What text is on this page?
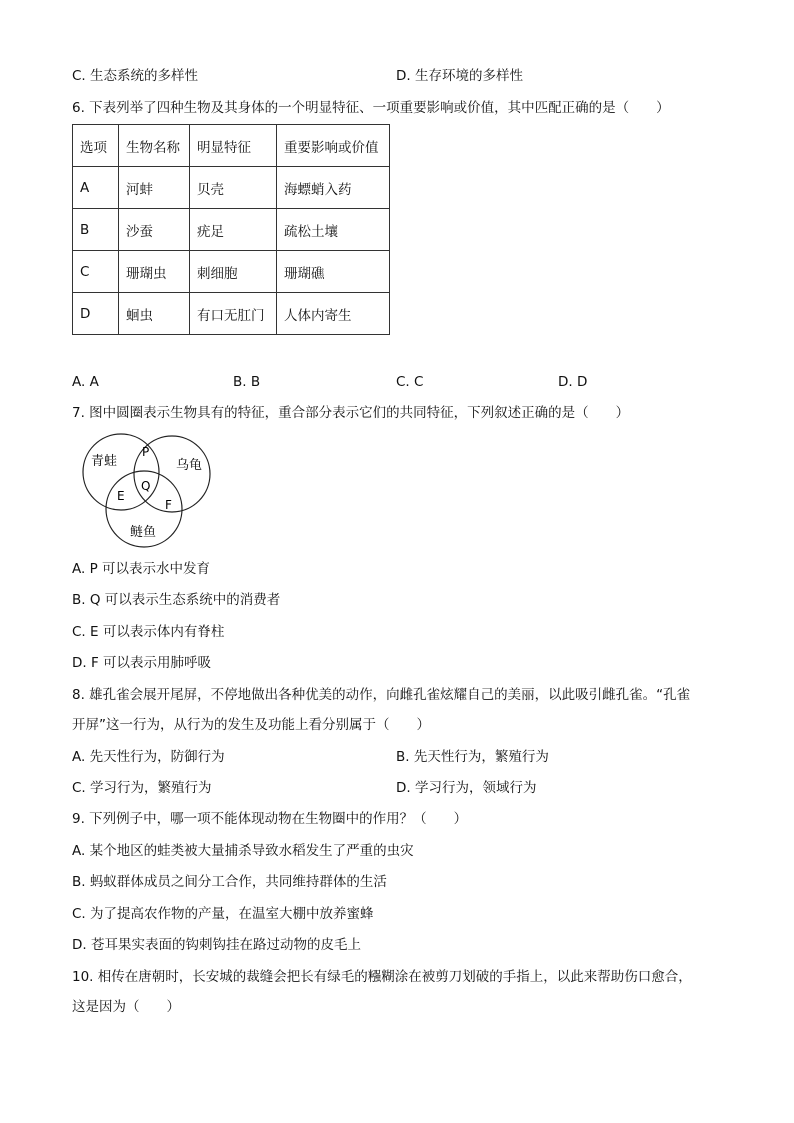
C. 生态系统的多样性	D. 生存环境的多样性
6. 下表列举了四种生物及其身体的一个明显特征、一项重要影响或价值，其中匹配正确的是（　　）
选项	生物名称	明显特征	重要影响或价值
A	河蚌	贝壳	海螵蛸入药
B	沙蚕	疣足	疏松土壤
C	珊瑚虫	刺细胞	珊瑚礁
D	蛔虫	有口无肛门	人体内寄生
A. A	B. B	C. C	D. D
7. 图中圆圈表示生物具有的特征，重合部分表示它们的共同特征，下列叙述正确的是（　　）
青蛙	乌龟
鲢鱼
P
Q
E
F
A. P 可以表示水中发育
B. Q 可以表示生态系统中的消费者
C. E 可以表示体内有脊柱
D. F 可以表示用肺呼吸
8. 雄孔雀会展开尾屏，不停地做出各种优美的动作，向雌孔雀炫耀自己的美丽，以此吸引雌孔雀。“孔雀
开屏”这一行为，从行为的发生及功能上看分别属于（　　）
A. 先天性行为，防御行为	B. 先天性行为，繁殖行为
C. 学习行为，繁殖行为	D. 学习行为，领域行为
9. 下列例子中，哪一项不能体现动物在生物圈中的作用？（　　）
A. 某个地区的蛙类被大量捕杀导致水稻发生了严重的虫灾
B. 蚂蚁群体成员之间分工合作，共同维持群体的生活
C. 为了提高农作物的产量，在温室大棚中放养蜜蜂
D. 苍耳果实表面的钩刺钩挂在路过动物的皮毛上
10. 相传在唐朝时，长安城的裁缝会把长有绿毛的糨糊涂在被剪刀划破的手指上，以此来帮助伤口愈合，
这是因为（　　）
